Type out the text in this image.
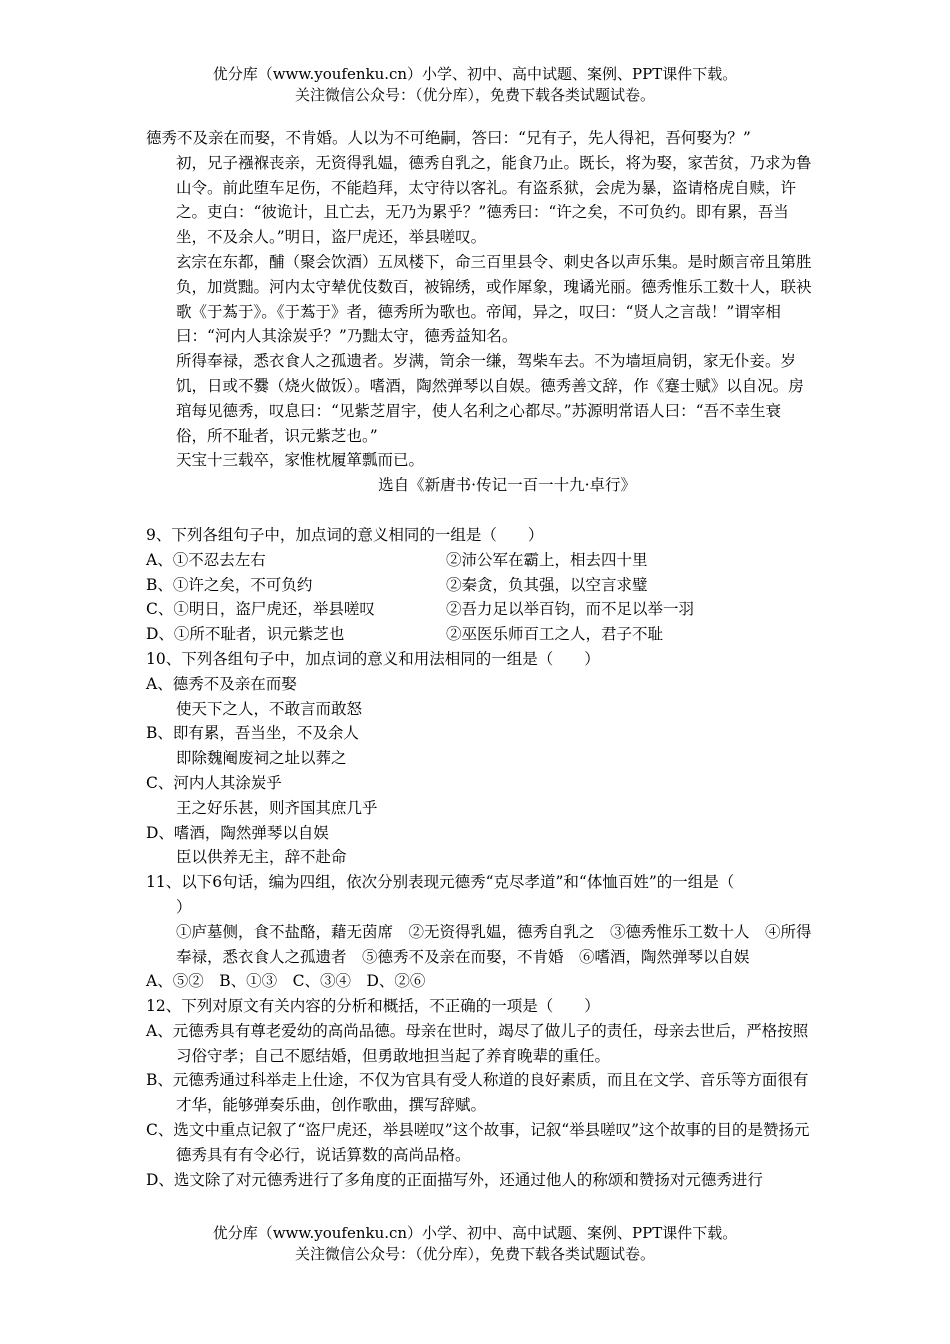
优分库（www.youfenku.cn）小学、初中、高中试题、案例、PPT课件下载。
关注微信公众号：（优分库），免费下载各类试题试卷。

德秀不及亲在而娶，不肯婚。人以为不可绝嗣，答曰：“兄有子，先人得祀，吾何娶为？”

初，兄子襁褓丧亲，无资得乳媪，德秀自乳之，能食乃止。既长，将为娶，家苦贫，乃求为鲁山令。前此堕车足伤，不能趋拜，太守待以客礼。有盗系狱，会虎为暴，盗请格虎自赎，许之。吏白：“彼诡计，且亡去，无乃为累乎？”德秀曰：“许之矣，不可负约。即有累，吾当坐，不及余人。”明日，盗尸虎还，举县嗟叹。

玄宗在东都，酺（聚会饮酒）五凤楼下，命三百里县令、刺史各以声乐集。是时颇言帝且第胜负，加赏黜。河内太守辇优伎数百，被锦绣，或作犀象，瑰谲光丽。德秀惟乐工数十人，联袂歌《于蒍于》。《于蒍于》者，德秀所为歌也。帝闻，异之，叹曰：“贤人之言哉！”谓宰相曰：“河内人其涂炭乎？”乃黜太守，德秀益知名。

所得奉禄，悉衣食人之孤遗者。岁满，笥余一缣，驾柴车去。不为墙垣扃钥，家无仆妾。岁饥，日或不爨（烧火做饭）。嗜酒，陶然弹琴以自娱。德秀善文辞，作《蹇士赋》以自况。房琯每见德秀，叹息曰：“见紫芝眉宇，使人名利之心都尽。”苏源明常语人曰：“吾不幸生衰俗，所不耻者，识元紫芝也。”

天宝十三载卒，家惟枕履箪瓢而已。

选自《新唐书·传记一百一十九·卓行》

9、下列各组句子中，加点词的意义相同的一组是（　　）

A、①不忍去左右	②沛公军在霸上，相去四十里
B、①许之矣，不可负约	②秦贪，负其强，以空言求璧
C、①明日，盗尸虎还，举县嗟叹	②吾力足以举百钧，而不足以举一羽
D、①所不耻者，识元紫芝也	②巫医乐师百工之人，君子不耻

10、下列各组句子中，加点词的意义和用法相同的一组是（　　）

A、德秀不及亲在而娶

使天下之人，不敢言而敢怒

B、即有累，吾当坐，不及余人

即除魏阉废祠之址以葬之

C、河内人其涂炭乎

王之好乐甚，则齐国其庶几乎

D、嗜酒，陶然弹琴以自娱

臣以供养无主，辞不赴命

11、以下6句话，编为四组，依次分别表现元德秀“克尽孝道”和“体恤百姓”的一组是（

）

①庐墓侧，食不盐酪，藉无茵席　②无资得乳媪，德秀自乳之　③德秀惟乐工数十人　④所得奉禄，悉衣食人之孤遗者　⑤德秀不及亲在而娶，不肯婚　⑥嗜酒，陶然弹琴以自娱

A、⑤②　B、①③　C、③④　D、②⑥

12、下列对原文有关内容的分析和概括，不正确的一项是（　　）

A、元德秀具有尊老爱幼的高尚品德。母亲在世时，竭尽了做儿子的责任，母亲去世后，严格按照习俗守孝；自己不愿结婚，但勇敢地担当起了养育晚辈的重任。

B、元德秀通过科举走上仕途，不仅为官具有受人称道的良好素质，而且在文学、音乐等方面很有才华，能够弹奏乐曲，创作歌曲，撰写辞赋。

C、选文中重点记叙了“盗尸虎还，举县嗟叹”这个故事，记叙“举县嗟叹”这个故事的目的是赞扬元德秀具有有令必行，说话算数的高尚品格。

D、选文除了对元德秀进行了多角度的正面描写外，还通过他人的称颂和赞扬对元德秀进行

优分库（www.youfenku.cn）小学、初中、高中试题、案例、PPT课件下载。
关注微信公众号：（优分库），免费下载各类试题试卷。
